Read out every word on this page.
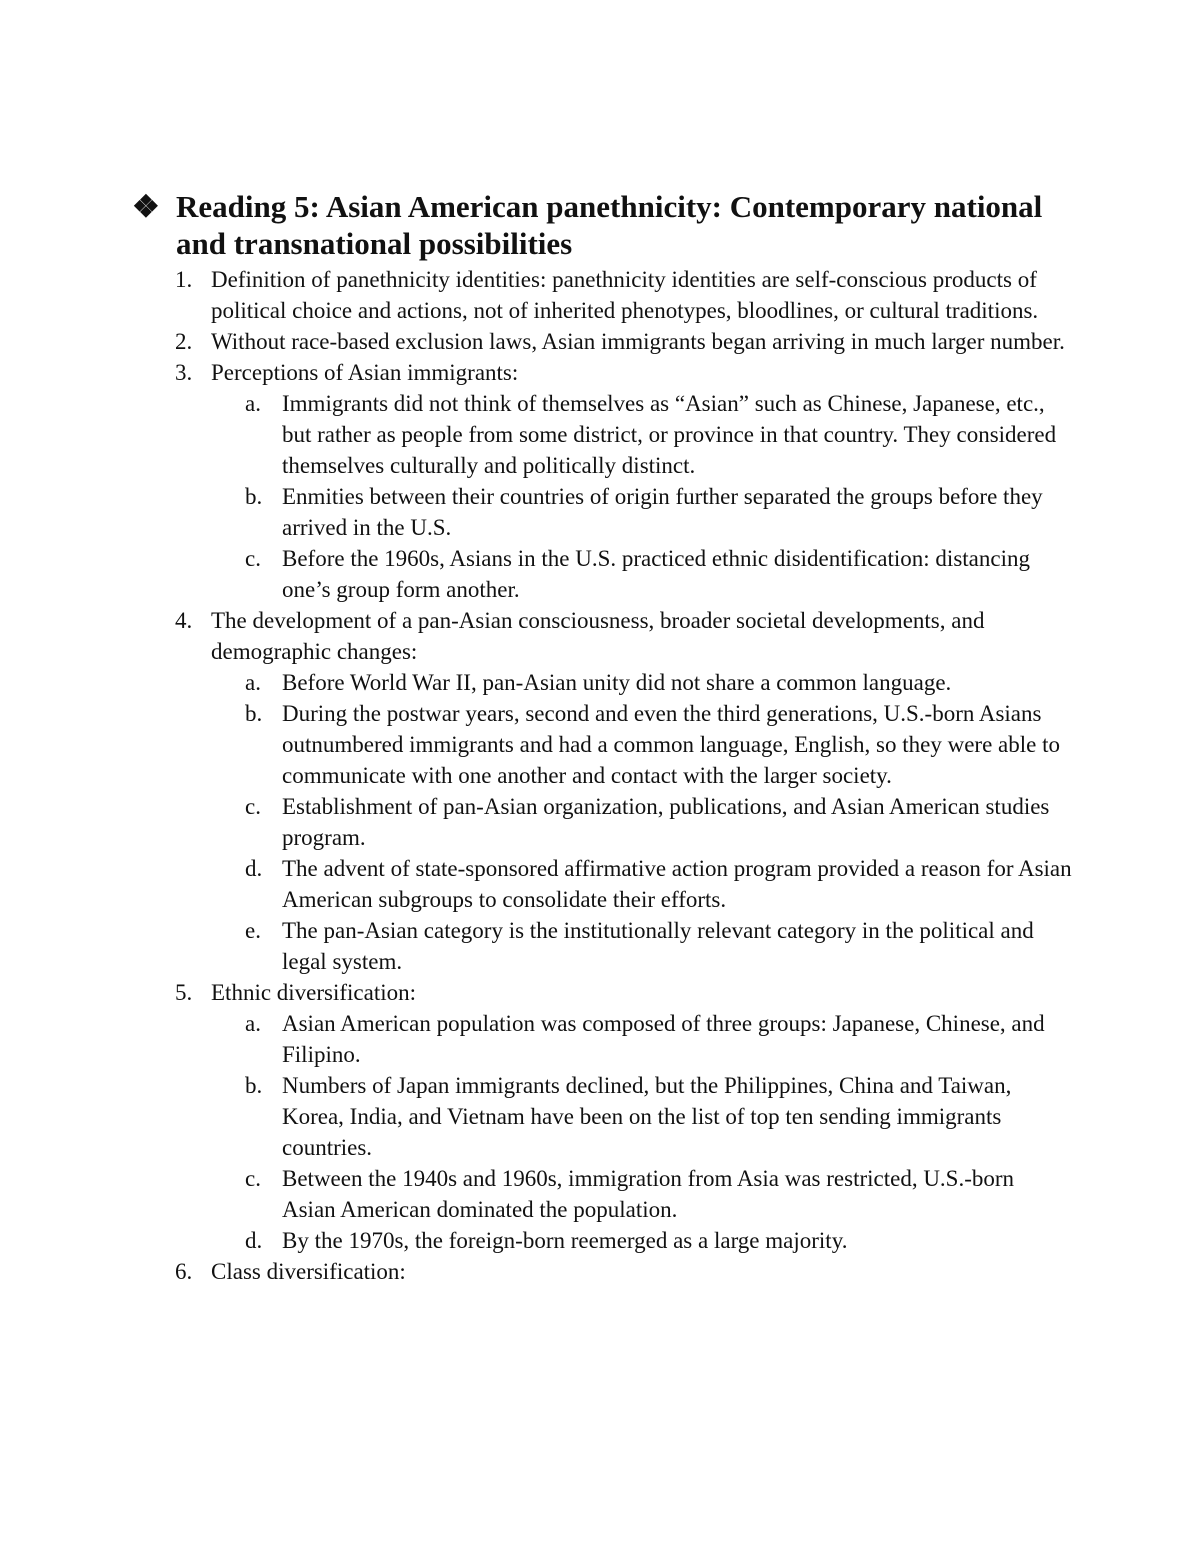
❖ Reading 5: Asian American panethnicity: Contemporary national and transnational possibilities
1. Definition of panethnicity identities: panethnicity identities are self-conscious products of political choice and actions, not of inherited phenotypes, bloodlines, or cultural traditions.
2. Without race-based exclusion laws, Asian immigrants began arriving in much larger number.
3. Perceptions of Asian immigrants:
a. Immigrants did not think of themselves as “Asian” such as Chinese, Japanese, etc., but rather as people from some district, or province in that country. They considered themselves culturally and politically distinct.
b. Enmities between their countries of origin further separated the groups before they arrived in the U.S.
c. Before the 1960s, Asians in the U.S. practiced ethnic disidentification: distancing one’s group form another.
4. The development of a pan-Asian consciousness, broader societal developments, and demographic changes:
a. Before World War II, pan-Asian unity did not share a common language.
b. During the postwar years, second and even the third generations, U.S.-born Asians outnumbered immigrants and had a common language, English, so they were able to communicate with one another and contact with the larger society.
c. Establishment of pan-Asian organization, publications, and Asian American studies program.
d. The advent of state-sponsored affirmative action program provided a reason for Asian American subgroups to consolidate their efforts.
e. The pan-Asian category is the institutionally relevant category in the political and legal system.
5. Ethnic diversification:
a. Asian American population was composed of three groups: Japanese, Chinese, and Filipino.
b. Numbers of Japan immigrants declined, but the Philippines, China and Taiwan, Korea, India, and Vietnam have been on the list of top ten sending immigrants countries.
c. Between the 1940s and 1960s, immigration from Asia was restricted, U.S.-born Asian American dominated the population.
d. By the 1970s, the foreign-born reemerged as a large majority.
6. Class diversification:
